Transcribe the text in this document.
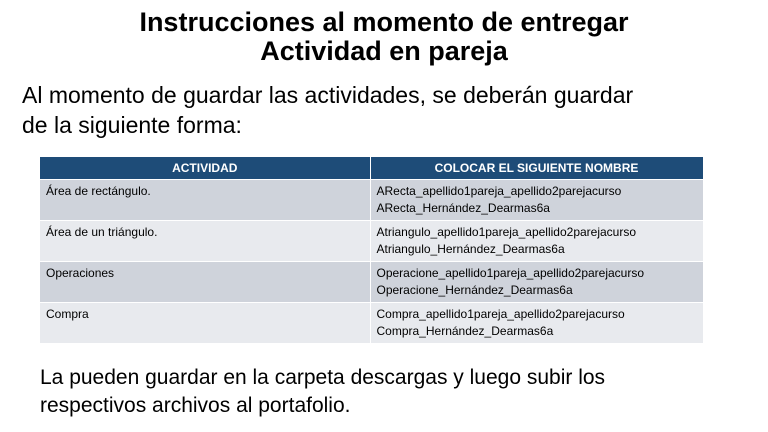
Instrucciones al momento de entregar
Actividad en pareja
Al momento de guardar las actividades, se deberán guardar
de la siguiente forma:
ACTIVIDAD	COLOCAR EL SIGUIENTE NOMBRE

Área de rectángulo.	ARecta_apellido1pareja_apellido2parejacurso
ARecta_Hernández_Dearmas6a

Área de un triángulo.	Atriangulo_apellido1pareja_apellido2parejacurso
Atriangulo_Hernández_Dearmas6a

Operaciones	Operacione_apellido1pareja_apellido2parejacurso
Operacione_Hernández_Dearmas6a

Compra	Compra_apellido1pareja_apellido2parejacurso
Compra_Hernández_Dearmas6a
La pueden guardar en la carpeta descargas y luego subir los
respectivos archivos al portafolio.
